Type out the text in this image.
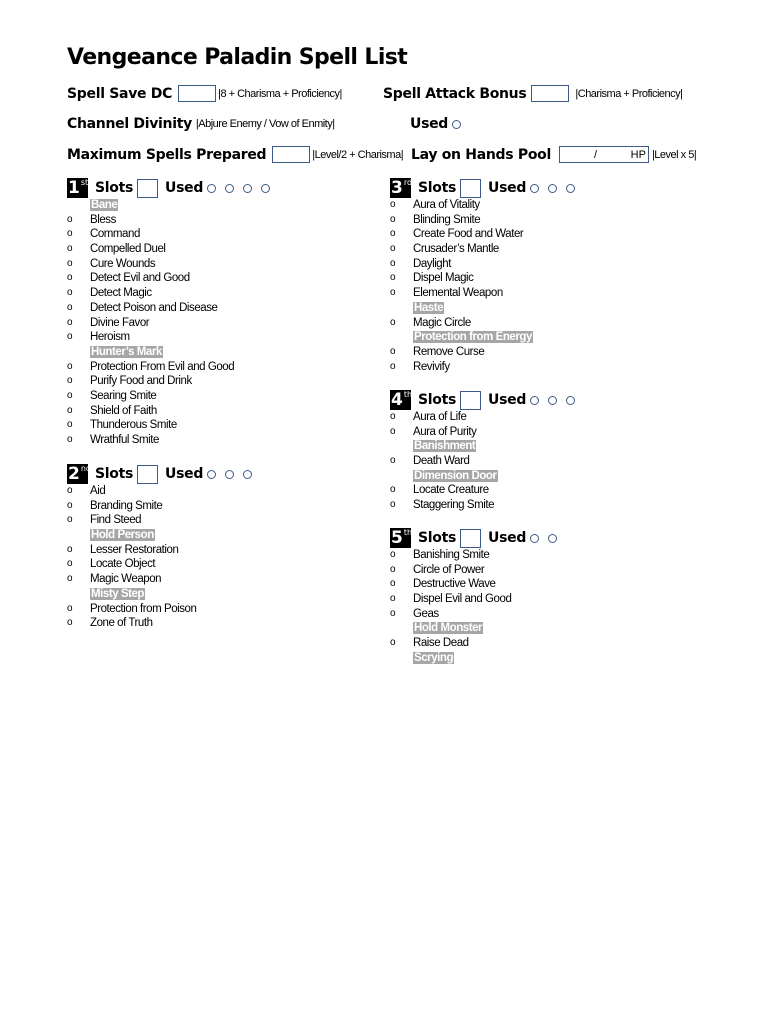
Vengeance Paladin Spell List
Spell Save DC	|8 + Charisma + Proficiency|	Spell Attack Bonus	|Charisma + Proficiency|
Channel Divinity |Abjure Enemy / Vow of Enmity|	Used
Maximum Spells Prepared	|Level/2 + Charisma| Lay on Hands Pool	/	HP |Level x 5|
1 st Slots Used
Bane
o Bless
o Command
o Compelled Duel
o Cure Wounds
o Detect Evil and Good
o Detect Magic
o Detect Poison and Disease
o Divine Favor
o Heroism
Hunter’s Mark
o Protection From Evil and Good
o Purify Food and Drink
o Searing Smite
o Shield of Faith
o Thunderous Smite
o Wrathful Smite
2 nd Slots Used
o Aid
o Branding Smite
o Find Steed
Hold Person
o Lesser Restoration
o Locate Object
o Magic Weapon
Misty Step
o Protection from Poison
o Zone of Truth
3 rd Slots Used
o Aura of Vitality
o Blinding Smite
o Create Food and Water
o Crusader’s Mantle
o Daylight
o Dispel Magic
o Elemental Weapon
Haste
o Magic Circle
Protection from Energy
o Remove Curse
o Revivify
4 th Slots Used
o Aura of Life
o Aura of Purity
Banishment
o Death Ward
Dimension Door
o Locate Creature
o Staggering Smite
5 th Slots Used
o Banishing Smite
o Circle of Power
o Destructive Wave
o Dispel Evil and Good
o Geas
Hold Monster
o Raise Dead
Scrying
